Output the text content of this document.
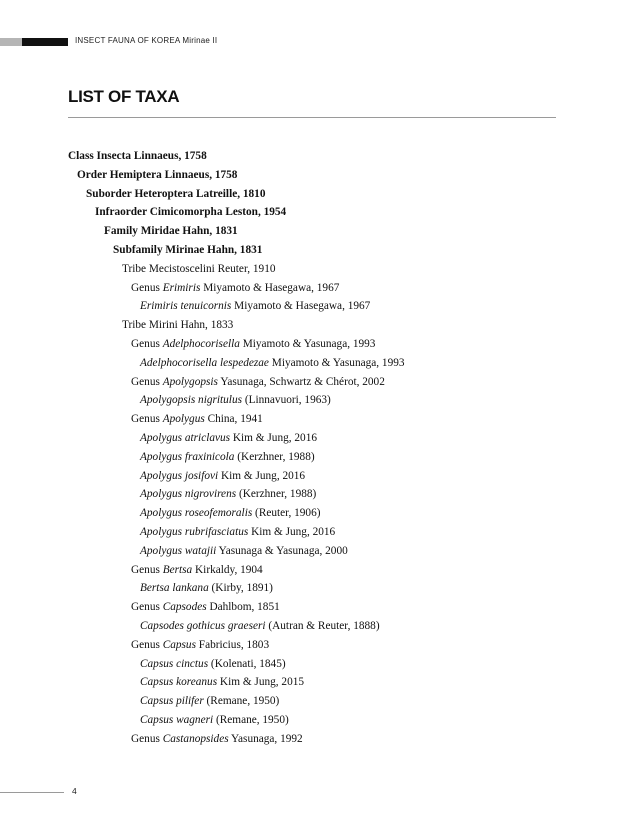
INSECT FAUNA OF KOREA Mirinae II
LIST OF TAXA
Class Insecta Linnaeus, 1758
Order Hemiptera Linnaeus, 1758
Suborder Heteroptera Latreille, 1810
Infraorder Cimicomorpha Leston, 1954
Family Miridae Hahn, 1831
Subfamily Mirinae Hahn, 1831
Tribe Mecistoscelini Reuter, 1910
Genus Erimiris Miyamoto & Hasegawa, 1967
Erimiris tenuicornis Miyamoto & Hasegawa, 1967
Tribe Mirini Hahn, 1833
Genus Adelphocorisella Miyamoto & Yasunaga, 1993
Adelphocorisella lespedezae Miyamoto & Yasunaga, 1993
Genus Apolygopsis Yasunaga, Schwartz & Chérot, 2002
Apolygopsis nigritulus (Linnavuori, 1963)
Genus Apolygus China, 1941
Apolygus atriclavus Kim & Jung, 2016
Apolygus fraxinicola (Kerzhner, 1988)
Apolygus josifovi Kim & Jung, 2016
Apolygus nigrovirens (Kerzhner, 1988)
Apolygus roseofemoralis (Reuter, 1906)
Apolygus rubrifasciatus Kim & Jung, 2016
Apolygus watajii Yasunaga & Yasunaga, 2000
Genus Bertsa Kirkaldy, 1904
Bertsa lankana (Kirby, 1891)
Genus Capsodes Dahlbom, 1851
Capsodes gothicus graeseri (Autran & Reuter, 1888)
Genus Capsus Fabricius, 1803
Capsus cinctus (Kolenati, 1845)
Capsus koreanus Kim & Jung, 2015
Capsus pilifer (Remane, 1950)
Capsus wagneri (Remane, 1950)
Genus Castanopsides Yasunaga, 1992
4
